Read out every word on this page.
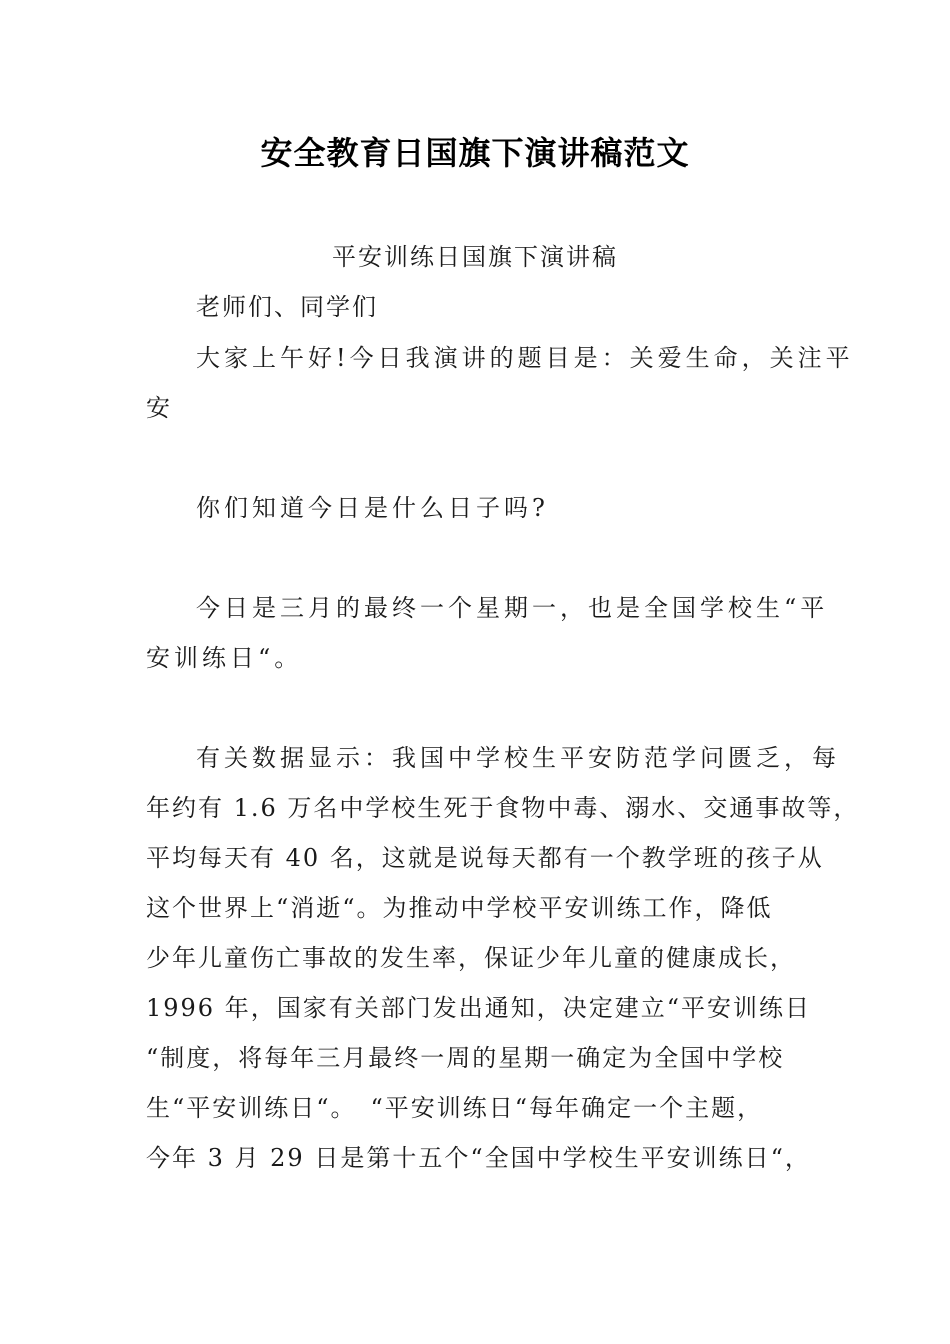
安全教育日国旗下演讲稿范文
平安训练日国旗下演讲稿
老师们、同学们
大家上午好!今日我演讲的题目是：关爱生命，关注平
安
你们知道今日是什么日子吗?
今日是三月的最终一个星期一，也是全国学校生“平
安训练日“。
有关数据显示：我国中学校生平安防范学问匮乏，每
年约有 1.6 万名中学校生死于食物中毒、溺水、交通事故等，
平均每天有 40 名，这就是说每天都有一个教学班的孩子从
这个世界上“消逝“。为推动中学校平安训练工作，降低
少年儿童伤亡事故的发生率，保证少年儿童的健康成长，
1996 年，国家有关部门发出通知，决定建立“平安训练日
“制度，将每年三月最终一周的星期一确定为全国中学校
生“平安训练日“。　“平安训练日“每年确定一个主题，
今年 3 月 29 日是第十五个“全国中学校生平安训练日“，
